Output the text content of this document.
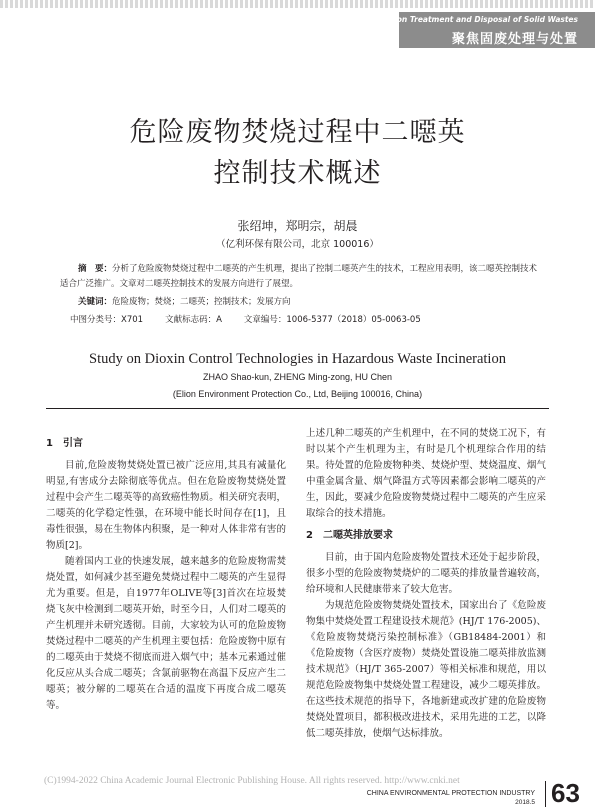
Focus on Treatment and Disposal of Solid Wastes
聚焦固废处理与处置
危险废物焚烧过程中二噁英
控制技术概述
张绍坤，郑明宗，胡晨
（亿利环保有限公司，北京 100016）
摘　要：分析了危险废物焚烧过程中二噁英的产生机理，提出了控制二噁英产生的技术，工程应用表明，该二噁英控制技术适合广泛推广。文章对二噁英控制技术的发展方向进行了展望。
关键词：危险废物；焚烧；二噁英；控制技术；发展方向
中图分类号：X701	文献标志码：A	文章编号：1006-5377（2018）05-0063-05
Study on Dioxin Control Technologies in Hazardous Waste Incineration
ZHAO Shao-kun, ZHENG Ming-zong, HU Chen
(Elion Environment Protection Co., Ltd, Beijing 100016, China)
1　引言

目前,危险废物焚烧处置已被广泛应用,其具有减量化明显,有害成分去除彻底等优点。但在危险废物焚烧处置过程中会产生二噁英等的高致癌性物质。相关研究表明，二噁英的化学稳定性强，在环境中能长时间存在[1]，且毒性很强，易在生物体内积聚，是一种对人体非常有害的物质[2]。

随着国内工业的快速发展，越来越多的危险废物需焚烧处置，如何减少甚至避免焚烧过程中二噁英的产生显得尤为重要。但是，自1977年OLIVE等[3]首次在垃圾焚烧飞灰中检测到二噁英开始，时至今日，人们对二噁英的产生机理并未研究透彻。目前，大家较为认可的危险废物焚烧过程中二噁英的产生机理主要包括：危险废物中原有的二噁英由于焚烧不彻底而进入烟气中；基本元素通过催化反应从头合成二噁英；含氯前驱物在高温下反应产生二噁英；被分解的二噁英在合适的温度下再度合成二噁英等。

上述几种二噁英的产生机理中，在不同的焚烧工况下，有时以某个产生机理为主，有时是几个机理综合作用的结果。待处置的危险废物种类、焚烧炉型、焚烧温度、烟气中重金属含量、烟气降温方式等因素都会影响二噁英的产生，因此，要减少危险废物焚烧过程中二噁英的产生应采取综合的技术措施。

2　二噁英排放要求

目前，由于国内危险废物处置技术还处于起步阶段，很多小型的危险废物焚烧炉的二噁英的排放量普遍较高，给环境和人民健康带来了较大危害。

为规范危险废物焚烧处置技术，国家出台了《危险废物集中焚烧处置工程建设技术规范》(HJ/T 176-2005)、《危险废物焚烧污染控制标准》（GB18484-2001）和《危险废物（含医疗废物）焚烧处置设施二噁英排放监测技术规范》（HJ/T 365-2007）等相关标准和规范，用以规范危险废物集中焚烧处置工程建设，减少二噁英排放。在这些技术规范的指导下，各地新建或改扩建的危险废物焚烧处置项目，都积极改进技术，采用先进的工艺，以降低二噁英排放，使烟气达标排放。

(C)1994-2022 China Academic Journal Electronic Publishing House. All rights reserved. http://www.cnki.net
CHINA ENVIRONMENTAL PROTECTION INDUSTRY
2018.5 63
